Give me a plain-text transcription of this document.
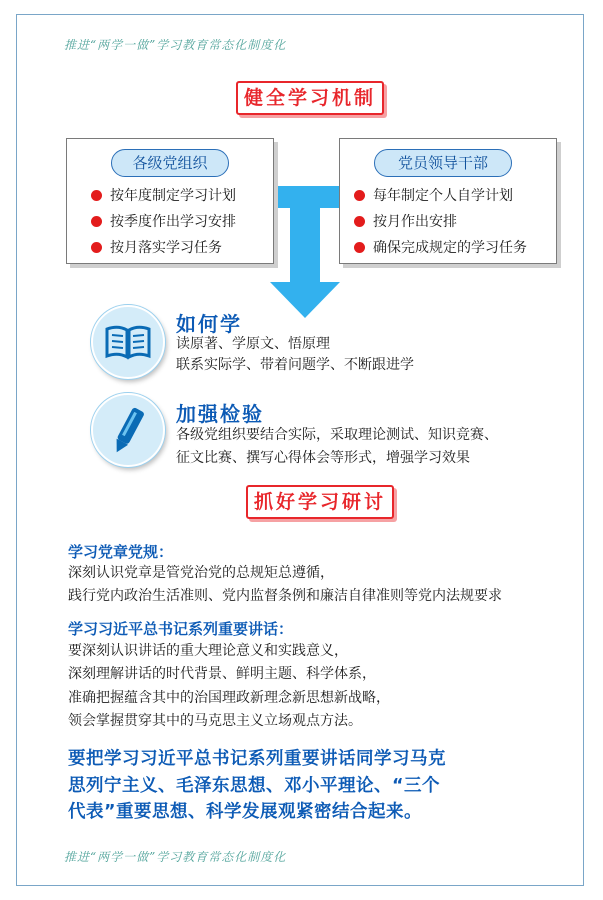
推进“两学一做”学习教育常态化制度化
健全学习机制
各级党组织
按年度制定学习计划
按季度作出学习安排
按月落实学习任务
党员领导干部
每年制定个人自学计划
按月作出安排
确保完成规定的学习任务
如何学
读原著、学原文、悟原理
联系实际学、带着问题学、不断跟进学
加强检验
各级党组织要结合实际，采取理论测试、知识竞赛、
征文比赛、撰写心得体会等形式，增强学习效果
抓好学习研讨
学习党章党规：
深刻认识党章是管党治党的总规矩总遵循，
践行党内政治生活准则、党内监督条例和廉洁自律准则等党内法规要求
学习习近平总书记系列重要讲话：
要深刻认识讲话的重大理论意义和实践意义，
深刻理解讲话的时代背景、鲜明主题、科学体系，
准确把握蕴含其中的治国理政新理念新思想新战略，
领会掌握贯穿其中的马克思主义立场观点方法。
要把学习习近平总书记系列重要讲话同学习马克
思列宁主义、毛泽东思想、邓小平理论、“三个
代表”重要思想、科学发展观紧密结合起来。
推进“两学一做”学习教育常态化制度化
